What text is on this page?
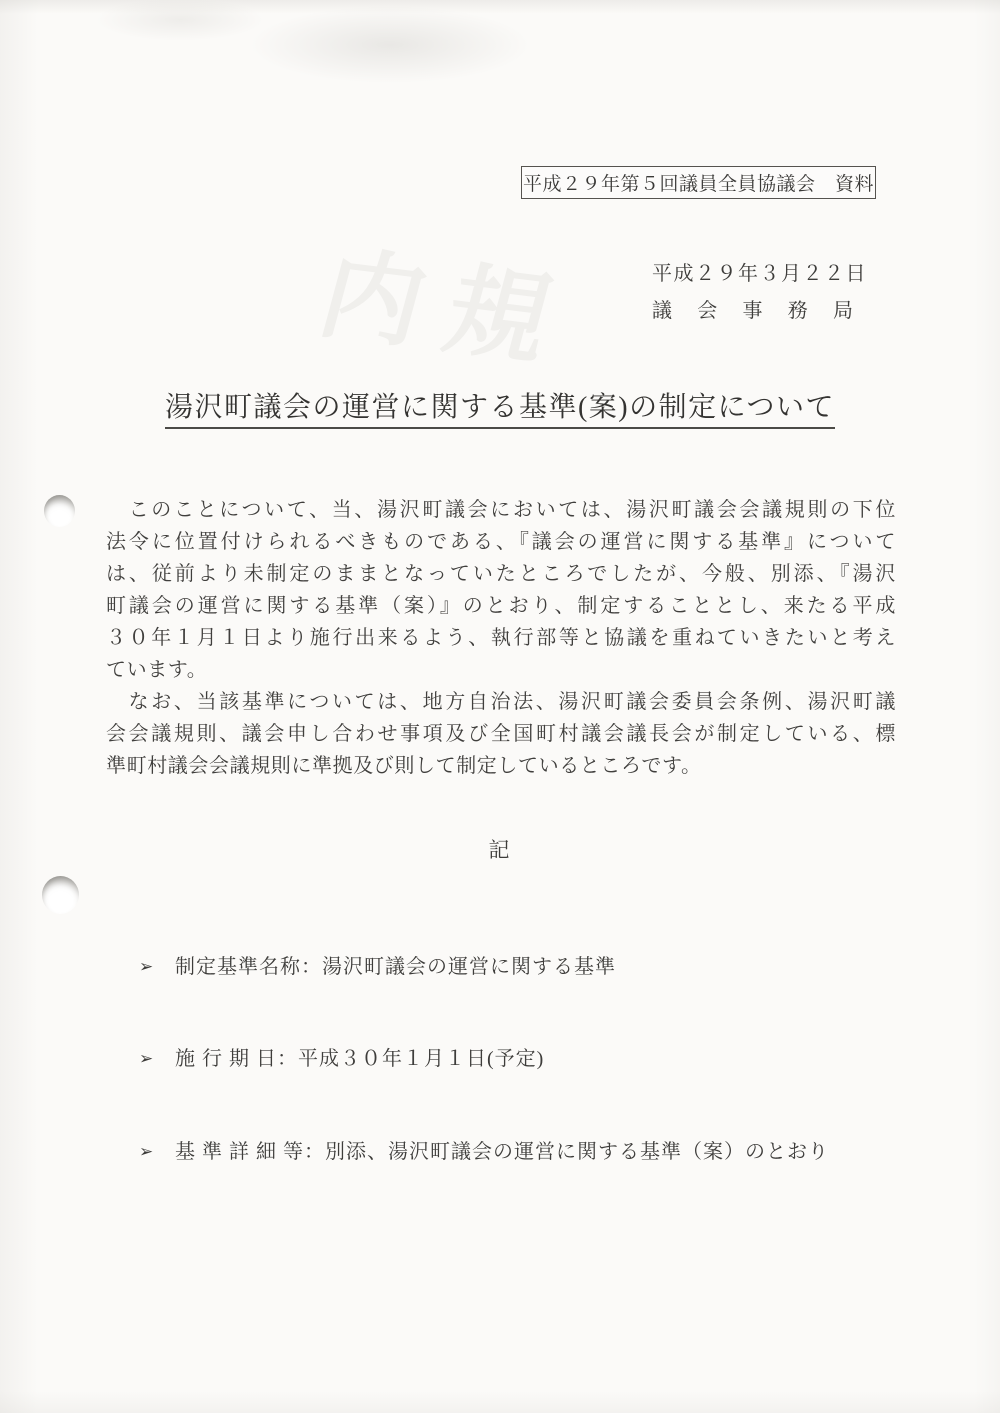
内規
平成２９年第５回議員全員協議会　資料
平成２９年３月２２日
議会事務局
湯沢町議会の運営に関する基準(案)の制定について
　このことについて、当、湯沢町議会においては、湯沢町議会会議規則の下位
法令に位置付けられるべきものである、『議会の運営に関する基準』について
は、従前より未制定のままとなっていたところでしたが、今般、別添、『湯沢
町議会の運営に関する基準（案）』のとおり、制定することとし、来たる平成
３０年１月１日より施行出来るよう、執行部等と協議を重ねていきたいと考え
ています。
　なお、当該基準については、地方自治法、湯沢町議会委員会条例、湯沢町議
会会議規則、議会申し合わせ事項及び全国町村議会議長会が制定している、標
準町村議会会議規則に準拠及び則して制定しているところです。
記
➢	制定基準名称：湯沢町議会の運営に関する基準
➢	施 行 期 日：平成３０年１月１日(予定)
➢	基 準 詳 細 等：別添、湯沢町議会の運営に関する基準（案）のとおり
